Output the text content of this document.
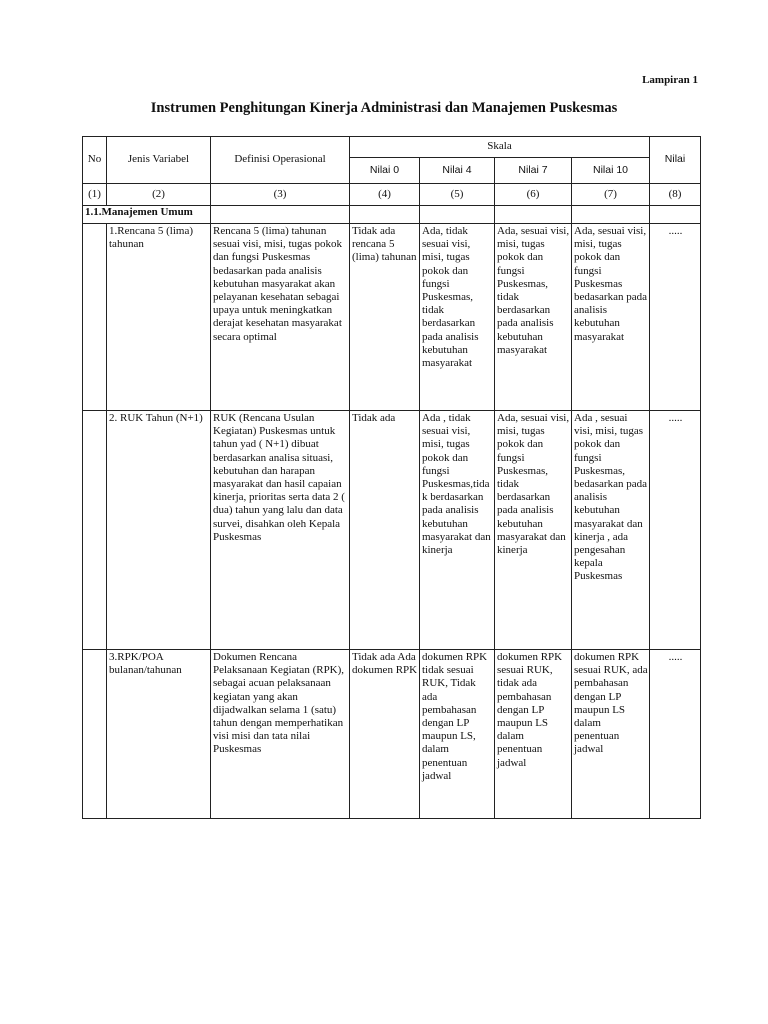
Lampiran 1
Instrumen Penghitungan Kinerja Administrasi dan Manajemen Puskesmas
No	Jenis Variabel	Definisi Operasional	Skala				Nilai
			Nilai 0	Nilai 4	Nilai 7	Nilai 10	
(1)	(2)	(3)	(4)	(5)	(6)	(7)	(8)
1.1.Manajemen Umum							
	1.Rencana 5 (lima) tahunan	Rencana 5 (lima) tahunan sesuai visi, misi, tugas pokok dan fungsi Puskesmas bedasarkan pada analisis kebutuhan masyarakat akan pelayanan kesehatan sebagai upaya untuk meningkatkan derajat kesehatan masyarakat secara optimal	Tidak ada rencana 5 (lima) tahunan	Ada, tidak sesuai visi, misi, tugas pokok dan fungsi Puskesmas, tidak berdasarkan pada analisis kebutuhan masyarakat	Ada, sesuai visi, misi, tugas pokok dan fungsi Puskesmas, tidak berdasarkan pada analisis kebutuhan masyarakat	Ada, sesuai visi, misi, tugas pokok dan fungsi Puskesmas bedasarkan pada analisis kebutuhan masyarakat	.....
	2. RUK Tahun (N+1)	RUK (Rencana Usulan Kegiatan) Puskesmas untuk tahun yad ( N+1) dibuat berdasarkan analisa situasi, kebutuhan dan harapan masyarakat dan hasil capaian kinerja, prioritas serta data 2 ( dua) tahun yang lalu dan data survei, disahkan oleh Kepala Puskesmas	Tidak ada	Ada , tidak sesuai visi, misi, tugas pokok dan fungsi Puskesmas,tidak berdasarkan pada analisis kebutuhan masyarakat dan kinerja	Ada, sesuai visi, misi, tugas pokok dan fungsi Puskesmas, tidak berdasarkan pada analisis kebutuhan masyarakat dan kinerja	Ada , sesuai visi, misi, tugas pokok dan fungsi Puskesmas, bedasarkan pada analisis kebutuhan masyarakat dan kinerja , ada pengesahan kepala Puskesmas	.....
	3.RPK/POA bulanan/tahunan	Dokumen Rencana Pelaksanaan Kegiatan (RPK), sebagai acuan pelaksanaan kegiatan yang akan dijadwalkan selama 1 (satu) tahun dengan memperhatikan visi misi dan tata nilai Puskesmas	Tidak ada Ada dokumen RPK	dokumen RPK tidak sesuai RUK, Tidak ada pembahasan dengan LP maupun LS, dalam penentuan jadwal	dokumen RPK sesuai RUK, tidak ada pembahasan dengan LP maupun LS dalam penentuan jadwal	dokumen RPK sesuai RUK, ada pembahasan dengan LP maupun LS dalam penentuan jadwal	.....
